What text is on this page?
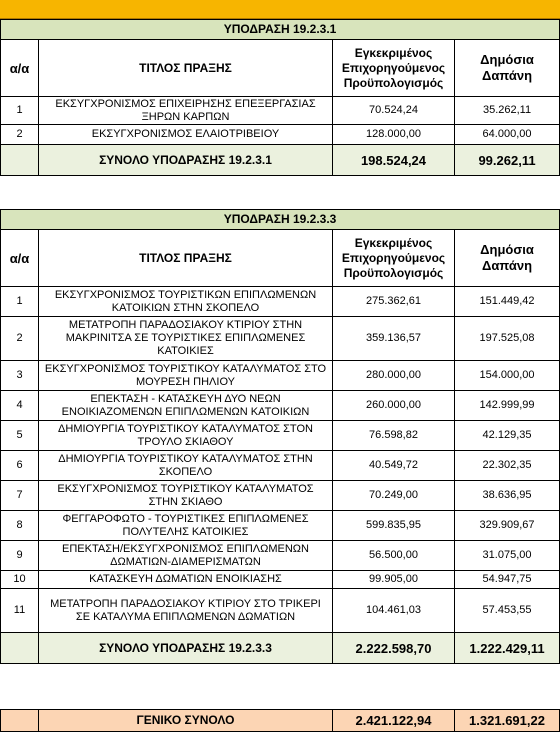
ΥΠΟΔΡΑΣΗ 19.2.3.1			
α/α	ΤΙΤΛΟΣ ΠΡΑΞΗΣ	Εγκεκριμένος
Επιχορηγούμενος
Προϋπολογισμός	Δημόσια
Δαπάνη
1	ΕΚΣΥΓΧΡΟΝΙΣΜΟΣ ΕΠΙΧΕΙΡΗΣΗΣ ΕΠΕΞΕΡΓΑΣΙΑΣ ΞΗΡΩΝ ΚΑΡΠΩΝ	70.524,24	35.262,11
2	ΕΚΣΥΓΧΡΟΝΙΣΜΟΣ ΕΛΑΙΟΤΡΙΒΕΙΟΥ	128.000,00	64.000,00
	ΣΥΝΟΛΟ ΥΠΟΔΡΑΣΗΣ 19.2.3.1	198.524,24	99.262,11
ΥΠΟΔΡΑΣΗ 19.2.3.3			
α/α	ΤΙΤΛΟΣ ΠΡΑΞΗΣ	Εγκεκριμένος
Επιχορηγούμενος
Προϋπολογισμός	Δημόσια
Δαπάνη
1	ΕΚΣΥΓΧΡΟΝΙΣΜΟΣ ΤΟΥΡΙΣΤΙΚΩΝ ΕΠΙΠΛΩΜΕΝΩΝ ΚΑΤΟΙΚΙΩΝ ΣΤΗΝ ΣΚΟΠΕΛΟ	275.362,61	151.449,42
2	ΜΕΤΑΤΡΟΠΗ ΠΑΡΑΔΟΣΙΑΚΟΥ ΚΤΙΡΙΟΥ ΣΤΗΝ ΜΑΚΡΙΝΙΤΣΑ ΣΕ ΤΟΥΡΙΣΤΙΚΕΣ ΕΠΙΠΛΩΜΕΝΕΣ ΚΑΤΟΙΚΙΕΣ	359.136,57	197.525,08
3	ΕΚΣΥΓΧΡΟΝΙΣΜΟΣ ΤΟΥΡΙΣΤΙΚΟΥ ΚΑΤΑΛΥΜΑΤΟΣ ΣΤΟ ΜΟΥΡΕΣΗ ΠΗΛΙΟΥ	280.000,00	154.000,00
4	ΕΠΕΚΤΑΣΗ - ΚΑΤΑΣΚΕΥΗ ΔΥΟ ΝΕΩΝ ΕΝΟΙΚΙΑΖΟΜΕΝΩΝ ΕΠΙΠΛΩΜΕΝΩΝ ΚΑΤΟΙΚΙΩΝ	260.000,00	142.999,99
5	ΔΗΜΙΟΥΡΓΙΑ ΤΟΥΡΙΣΤΙΚΟΥ ΚΑΤΑΛΥΜΑΤΟΣ ΣΤΟΝ ΤΡΟΥΛΟ ΣΚΙΑΘΟΥ	76.598,82	42.129,35
6	ΔΗΜΙΟΥΡΓΙΑ ΤΟΥΡΙΣΤΙΚΟΥ ΚΑΤΑΛΥΜΑΤΟΣ ΣΤΗΝ ΣΚΟΠΕΛΟ	40.549,72	22.302,35
7	ΕΚΣΥΓΧΡΟΝΙΣΜΟΣ ΤΟΥΡΙΣΤΙΚΟΥ ΚΑΤΑΛΥΜΑΤΟΣ ΣΤΗΝ ΣΚΙΑΘΟ	70.249,00	38.636,95
8	ΦΕΓΓΑΡΟΦΩΤΟ - ΤΟΥΡΙΣΤΙΚΕΣ ΕΠΙΠΛΩΜΕΝΕΣ ΠΟΛΥΤΕΛΗΣ ΚΑΤΟΙΚΙΕΣ	599.835,95	329.909,67
9	ΕΠΕΚΤΑΣΗ/ΕΚΣΥΓΧΡΟΝΙΣΜΟΣ ΕΠΙΠΛΩΜΕΝΩΝ ΔΩΜΑΤΙΩΝ-ΔΙΑΜΕΡΙΣΜΑΤΩΝ	56.500,00	31.075,00
10	ΚΑΤΑΣΚΕΥΗ ΔΩΜΑΤΙΩΝ ΕΝΟΙΚΙΑΣΗΣ	99.905,00	54.947,75
11	ΜΕΤΑΤΡΟΠΗ ΠΑΡΑΔΟΣΙΑΚΟΥ ΚΤΙΡΙΟΥ ΣΤΟ ΤΡΙΚΕΡΙ ΣΕ ΚΑΤΑΛΥΜΑ ΕΠΙΠΛΩΜΕΝΩΝ ΔΩΜΑΤΙΩΝ	104.461,03	57.453,55
	ΣΥΝΟΛΟ ΥΠΟΔΡΑΣΗΣ 19.2.3.3	2.222.598,70	1.222.429,11
	ΓΕΝΙΚΟ ΣΥΝΟΛΟ	2.421.122,94	1.321.691,22
